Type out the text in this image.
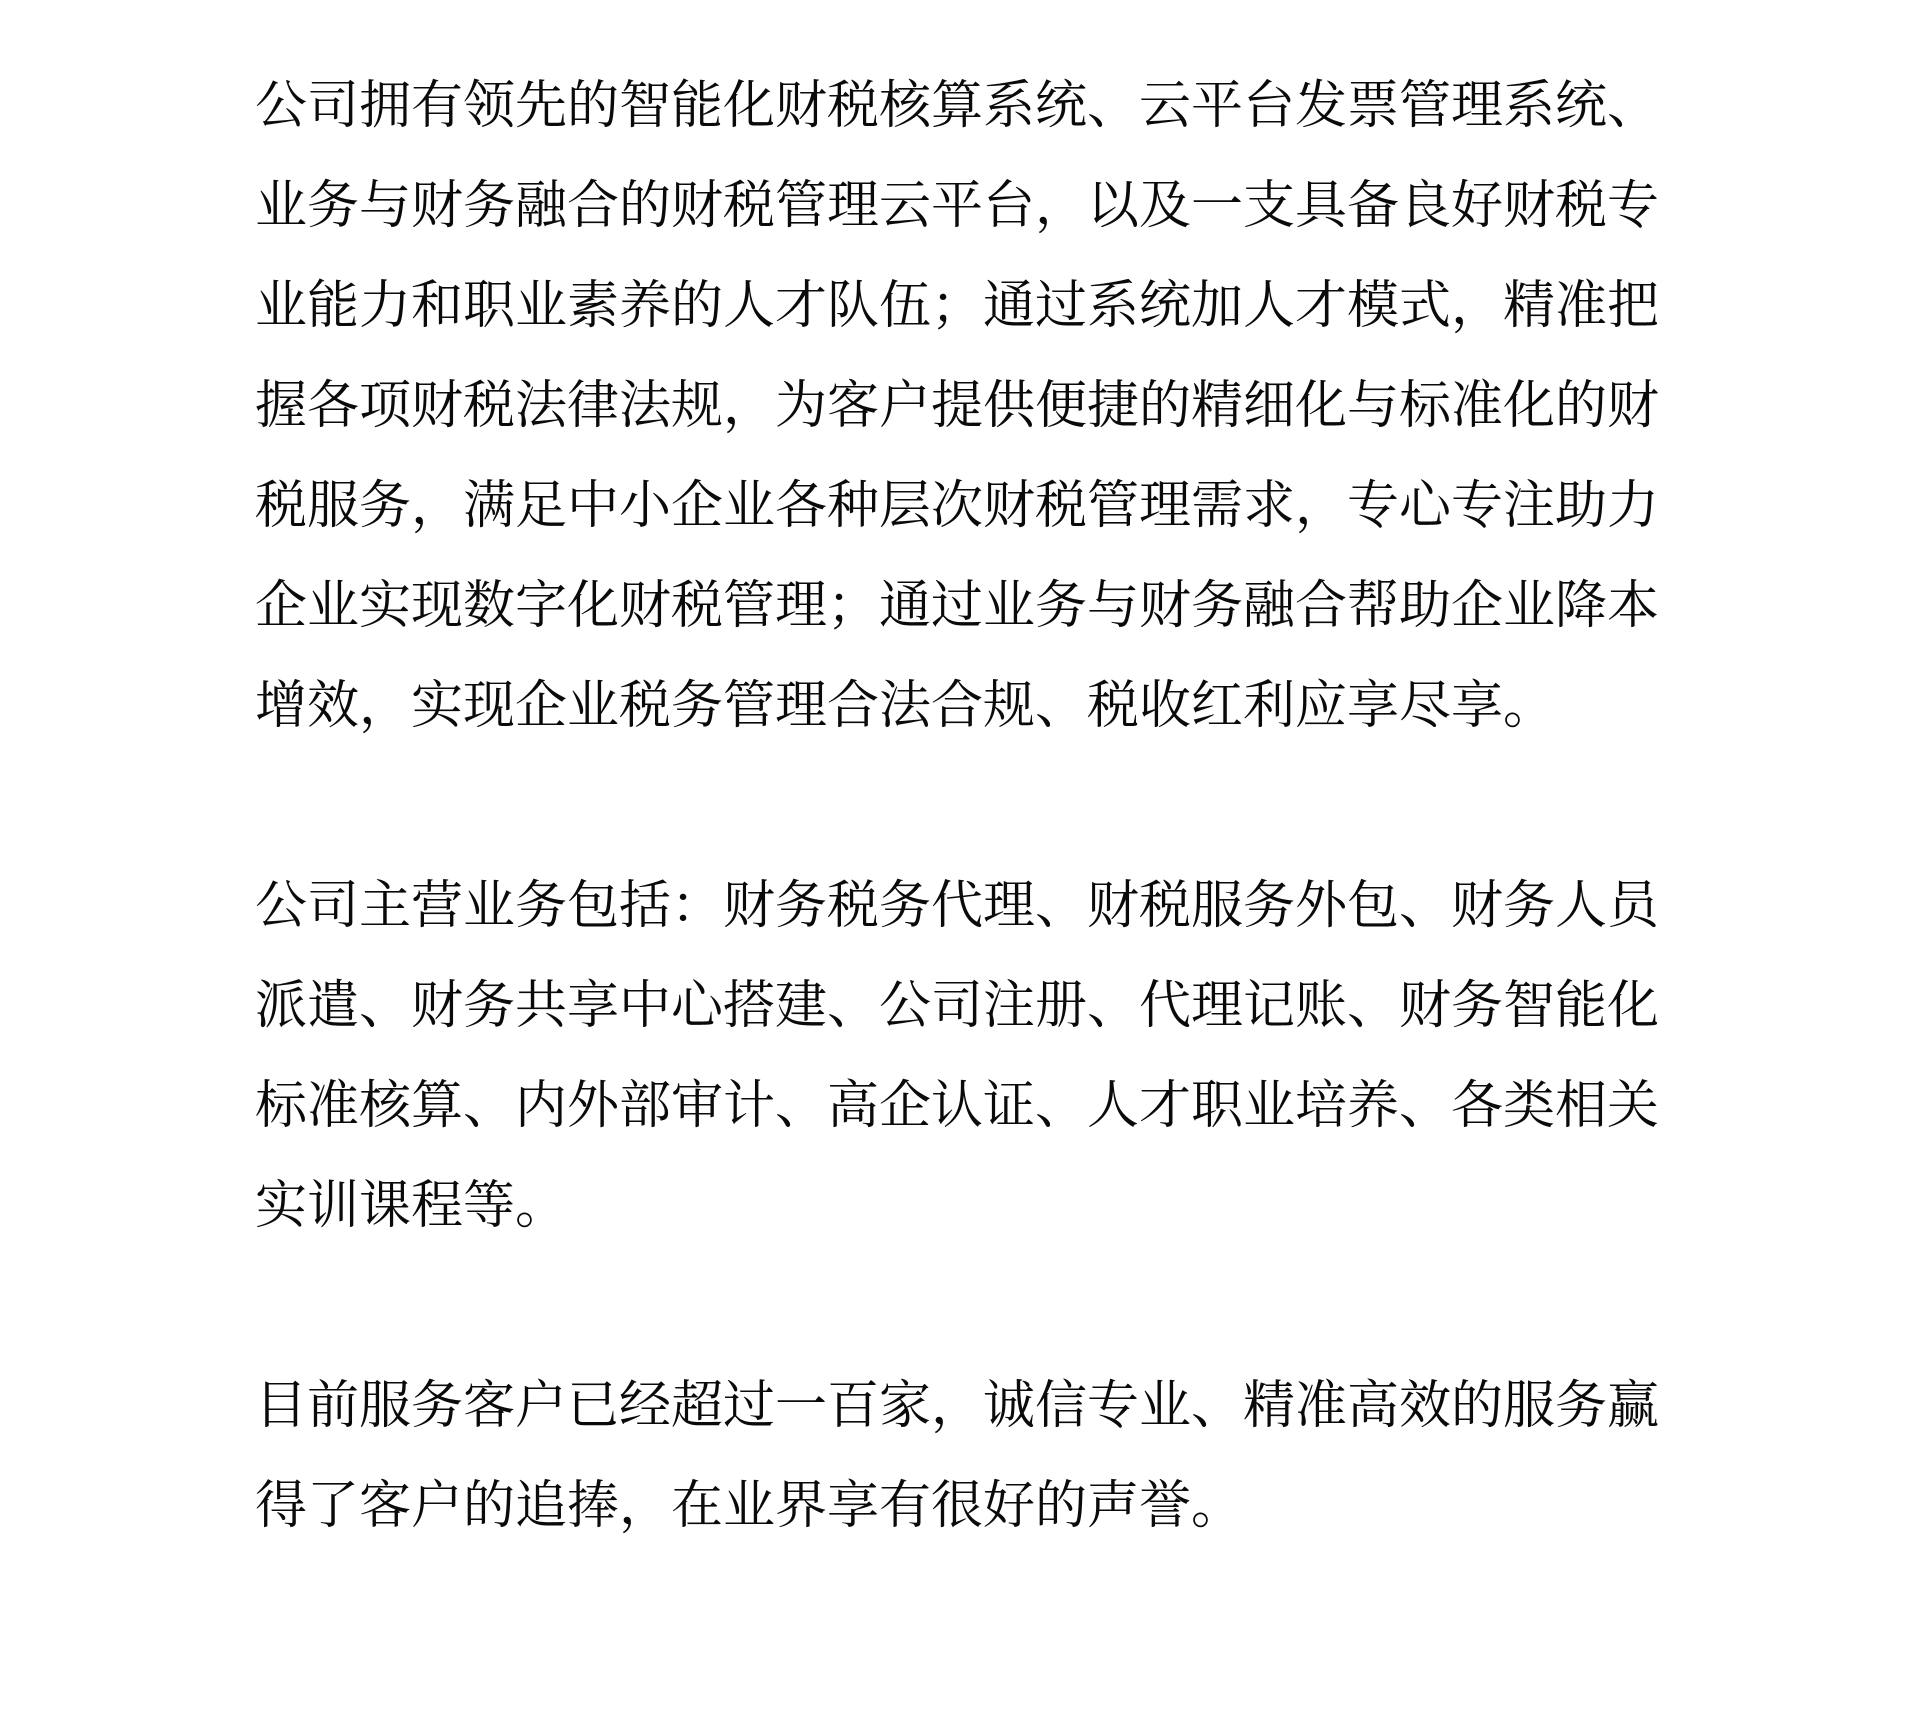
公司拥有领先的智能化财税核算系统、云平台发票管理系统、
业务与财务融合的财税管理云平台，以及一支具备良好财税专
业能力和职业素养的人才队伍；通过系统加人才模式，精准把
握各项财税法律法规，为客户提供便捷的精细化与标准化的财
税服务，满足中小企业各种层次财税管理需求，专心专注助力
企业实现数字化财税管理；通过业务与财务融合帮助企业降本
增效，实现企业税务管理合法合规、税收红利应享尽享。
公司主营业务包括：财务税务代理、财税服务外包、财务人员
派遣、财务共享中心搭建、公司注册、代理记账、财务智能化
标准核算、内外部审计、高企认证、人才职业培养、各类相关
实训课程等。
目前服务客户已经超过一百家，诚信专业、精准高效的服务赢
得了客户的追捧，在业界享有很好的声誉。
